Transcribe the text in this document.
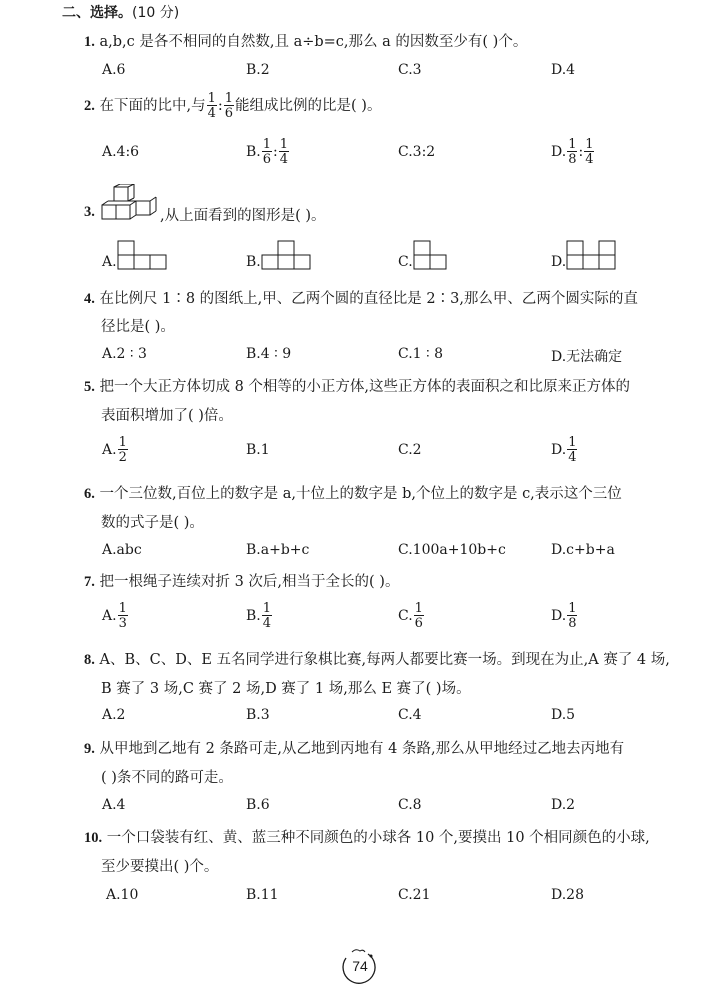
二、选择。(10 分)
1. a,b,c 是各不相同的自然数,且 a÷b=c,那么 a 的因数至少有( )个。
A.6	B.2	C.3	D.4
2. 在下面的比中,与 $\frac{1}{4}$ : $\frac{1}{6}$ 能组成比例的比是( )。
A.4:6	B. $\frac{1}{6}$ : $\frac{1}{4}$	C.3:2	D. $\frac{1}{8}$ : $\frac{1}{4}$
3.	,从上面看到的图形是( )。
A.	B.	C.	D.
4. 在比例尺 1∶8 的图纸上,甲、乙两个圆的直径比是 2∶3,那么甲、乙两个圆实际的直
径比是( )。
A.2 ∶ 3	B.4 ∶ 9	C.1 ∶ 8	D.无法确定
5. 把一个大正方体切成 8 个相等的小正方体,这些正方体的表面积之和比原来正方体的
表面积增加了( )倍。
A. $\frac{1}{2}$	B.1	C.2	D. $\frac{1}{4}$
6. 一个三位数,百位上的数字是 a,十位上的数字是 b,个位上的数字是 c,表示这个三位
数的式子是( )。
A.abc	B.a+b+c	C.100a+10b+c	D.c+b+a
7. 把一根绳子连续对折 3 次后,相当于全长的( )。
A. $\frac{1}{3}$	B. $\frac{1}{4}$	C. $\frac{1}{6}$	D. $\frac{1}{8}$
8. A、B、C、D、E 五名同学进行象棋比赛,每两人都要比赛一场。到现在为止,A 赛了 4 场,
B 赛了 3 场,C 赛了 2 场,D 赛了 1 场,那么 E 赛了( )场。
A.2	B.3	C.4	D.5
9. 从甲地到乙地有 2 条路可走,从乙地到丙地有 4 条路,那么从甲地经过乙地去丙地有
( )条不同的路可走。
A.4	B.6	C.8	D.2
10. 一个口袋装有红、黄、蓝三种不同颜色的小球各 10 个,要摸出 10 个相同颜色的小球,
至少要摸出( )个。
A.10	B.11	C.21	D.28
74
